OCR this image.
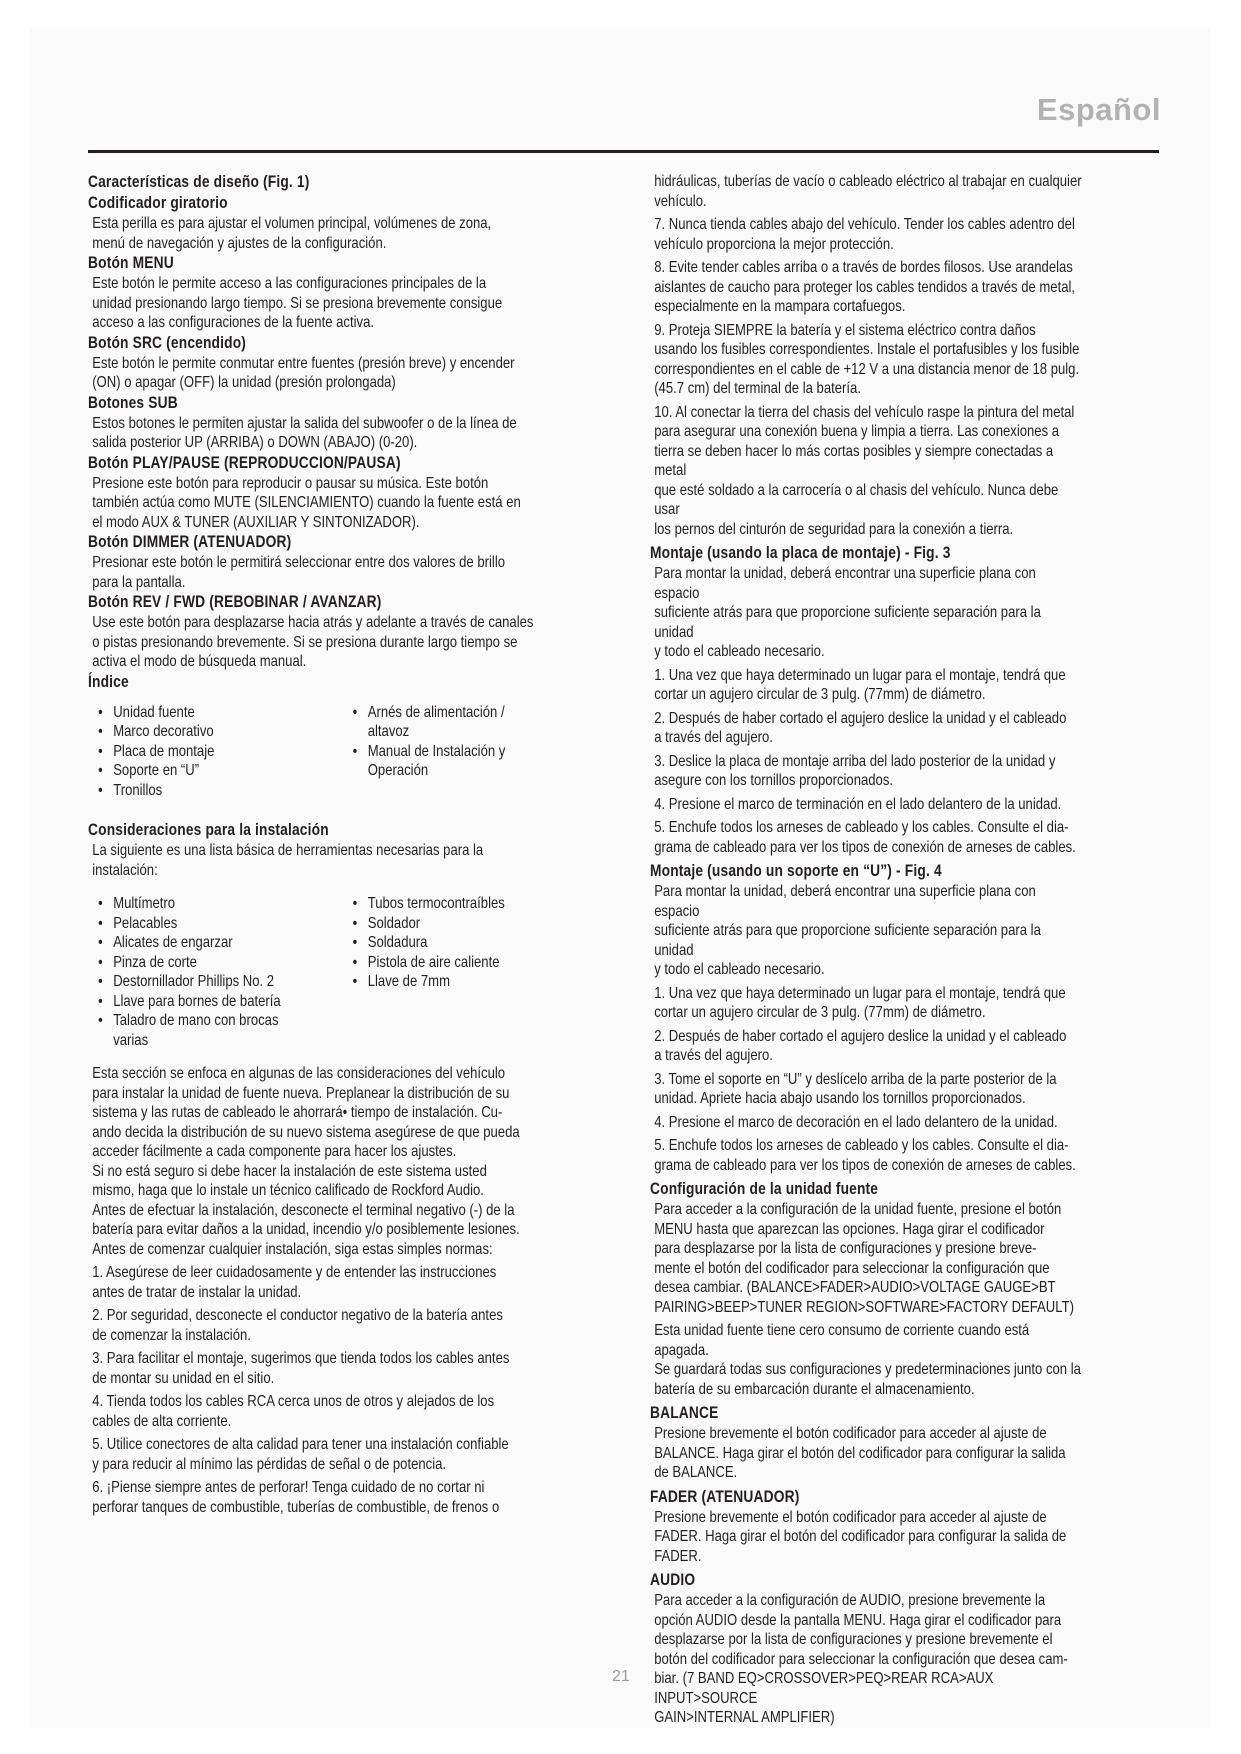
Español
Características de diseño (Fig. 1)
Codificador giratorio

Esta perilla es para ajustar el volumen principal, volúmenes de zona,

menú de navegación y ajustes de la configuración.

Botón MENU

Este botón le permite acceso a las configuraciones principales de la

unidad presionando largo tiempo. Si se presiona brevemente consigue

acceso a las configuraciones de la fuente activa.

Botón SRC (encendido)

Este botón le permite conmutar entre fuentes (presión breve) y encender

(ON) o apagar (OFF) la unidad (presión prolongada)

Botones SUB

Estos botones le permiten ajustar la salida del subwoofer o de la línea de

salida posterior UP (ARRIBA) o DOWN (ABAJO) (0-20).

Botón PLAY/PAUSE (REPRODUCCION/PAUSA)

Presione este botón para reproducir o pausar su música. Este botón

también actúa como MUTE (SILENCIAMIENTO) cuando la fuente está en

el modo AUX & TUNER (AUXILIAR Y SINTONIZADOR).

Botón DIMMER (ATENUADOR)

Presionar este botón le permitirá seleccionar entre dos valores de brillo

para la pantalla.

Botón REV / FWD (REBOBINAR / AVANZAR)

Use este botón para desplazarse hacia atrás y adelante a través de canales

o pistas presionando brevemente. Si se presiona durante largo tiempo se

activa el modo de búsqueda manual.

Índice
• Unidad fuente
• Marco decorativo
• Placa de montaje
• Soporte en “U”
• Tronillos
• Arnés de alimentación /

altavoz

• Manual de Instalación y

Operación

Consideraciones para la instalación

La siguiente es una lista básica de herramientas necesarias para la

instalación:

• Multímetro
• Pelacables
• Alicates de engarzar
• Pinza de corte
• Destornillador Phillips No. 2
• Llave para bornes de batería
• Taladro de mano con brocas

varias

• Tubos termocontraíbles
• Soldador
• Soldadura
• Pistola de aire caliente
• Llave de 7mm

Esta sección se enfoca en algunas de las consideraciones del vehículo

para instalar la unidad de fuente nueva. Preplanear la distribución de su

sistema y las rutas de cableado le ahorrará• tiempo de instalación. Cu-

ando decida la distribución de su nuevo sistema asegúrese de que pueda

acceder fácilmente a cada componente para hacer los ajustes.

Si no está seguro si debe hacer la instalación de este sistema usted

mismo, haga que lo instale un técnico calificado de Rockford Audio.

Antes de efectuar la instalación, desconecte el terminal negativo (-) de la

batería para evitar daños a la unidad, incendio y/o posiblemente lesiones.

Antes de comenzar cualquier instalación, siga estas simples normas:

1. Asegúrese de leer cuidadosamente y de entender las instrucciones

antes de tratar de instalar la unidad.

2. Por seguridad, desconecte el conductor negativo de la batería antes

de comenzar la instalación.

3. Para facilitar el montaje, sugerimos que tienda todos los cables antes

de montar su unidad en el sitio.

4. Tienda todos los cables RCA cerca unos de otros y alejados de los

cables de alta corriente.

5. Utilice conectores de alta calidad para tener una instalación confiable

y para reducir al mínimo las pérdidas de señal o de potencia.

6. ¡Piense siempre antes de perforar! Tenga cuidado de no cortar ni

perforar tanques de combustible, tuberías de combustible, de frenos o

hidráulicas, tuberías de vacío o cableado eléctrico al trabajar en cualquier

vehículo.

7. Nunca tienda cables abajo del vehículo. Tender los cables adentro del

vehículo proporciona la mejor protección.

8. Evite tender cables arriba o a través de bordes filosos. Use arandelas

aislantes de caucho para proteger los cables tendidos a través de metal,

especialmente en la mampara cortafuegos.

9. Proteja SIEMPRE la batería y el sistema eléctrico contra daños

usando los fusibles correspondientes. Instale el portafusibles y los fusible

correspondientes en el cable de +12 V a una distancia menor de 18 pulg.

(45.7 cm) del terminal de la batería.

10. Al conectar la tierra del chasis del vehículo raspe la pintura del metal

para asegurar una conexión buena y limpia a tierra. Las conexiones a

tierra se deben hacer lo más cortas posibles y siempre conectadas a metal

que esté soldado a la carrocería o al chasis del vehículo. Nunca debe usar

los pernos del cinturón de seguridad para la conexión a tierra.

Montaje (usando la placa de montaje) - Fig. 3

Para montar la unidad, deberá encontrar una superficie plana con espacio

suficiente atrás para que proporcione suficiente separación para la unidad

y todo el cableado necesario.

1. Una vez que haya determinado un lugar para el montaje, tendrá que

cortar un agujero circular de 3 pulg. (77mm) de diámetro.

2. Después de haber cortado el agujero deslice la unidad y el cableado

a través del agujero.

3. Deslice la placa de montaje arriba del lado posterior de la unidad y

asegure con los tornillos proporcionados.

4. Presione el marco de terminación en el lado delantero de la unidad.

5. Enchufe todos los arneses de cableado y los cables. Consulte el dia-

grama de cableado para ver los tipos de conexión de arneses de cables.

Montaje (usando un soporte en “U”) - Fig. 4

Para montar la unidad, deberá encontrar una superficie plana con espacio

suficiente atrás para que proporcione suficiente separación para la unidad

y todo el cableado necesario.

1. Una vez que haya determinado un lugar para el montaje, tendrá que

cortar un agujero circular de 3 pulg. (77mm) de diámetro.

2. Después de haber cortado el agujero deslice la unidad y el cableado

a través del agujero.

3. Tome el soporte en “U” y deslícelo arriba de la parte posterior de la

unidad. Apriete hacia abajo usando los tornillos proporcionados.

4. Presione el marco de decoración en el lado delantero de la unidad.

5. Enchufe todos los arneses de cableado y los cables. Consulte el dia-

grama de cableado para ver los tipos de conexión de arneses de cables.

Configuración de la unidad fuente

Para acceder a la configuración de la unidad fuente, presione el botón

MENU hasta que aparezcan las opciones. Haga girar el codificador

para desplazarse por la lista de configuraciones y presione breve-

mente el botón del codificador para seleccionar la configuración que

desea cambiar. (BALANCE>FADER>AUDIO>VOLTAGE GAUGE>BT

PAIRING>BEEP>TUNER REGION>SOFTWARE>FACTORY DEFAULT)

Esta unidad fuente tiene cero consumo de corriente cuando está apagada.

Se guardará todas sus configuraciones y predeterminaciones junto con la

batería de su embarcación durante el almacenamiento.

BALANCE

Presione brevemente el botón codificador para acceder al ajuste de

BALANCE. Haga girar el botón del codificador para configurar la salida

de BALANCE.

FADER (ATENUADOR)

Presione brevemente el botón codificador para acceder al ajuste de

FADER. Haga girar el botón del codificador para configurar la salida de

FADER.

AUDIO

Para acceder a la configuración de AUDIO, presione brevemente la

opción AUDIO desde la pantalla MENU. Haga girar el codificador para

desplazarse por la lista de configuraciones y presione brevemente el

botón del codificador para seleccionar la configuración que desea cam-

biar. (7 BAND EQ>CROSSOVER>PEQ>REAR RCA>AUX INPUT>SOURCE

GAIN>INTERNAL AMPLIFIER)

21
